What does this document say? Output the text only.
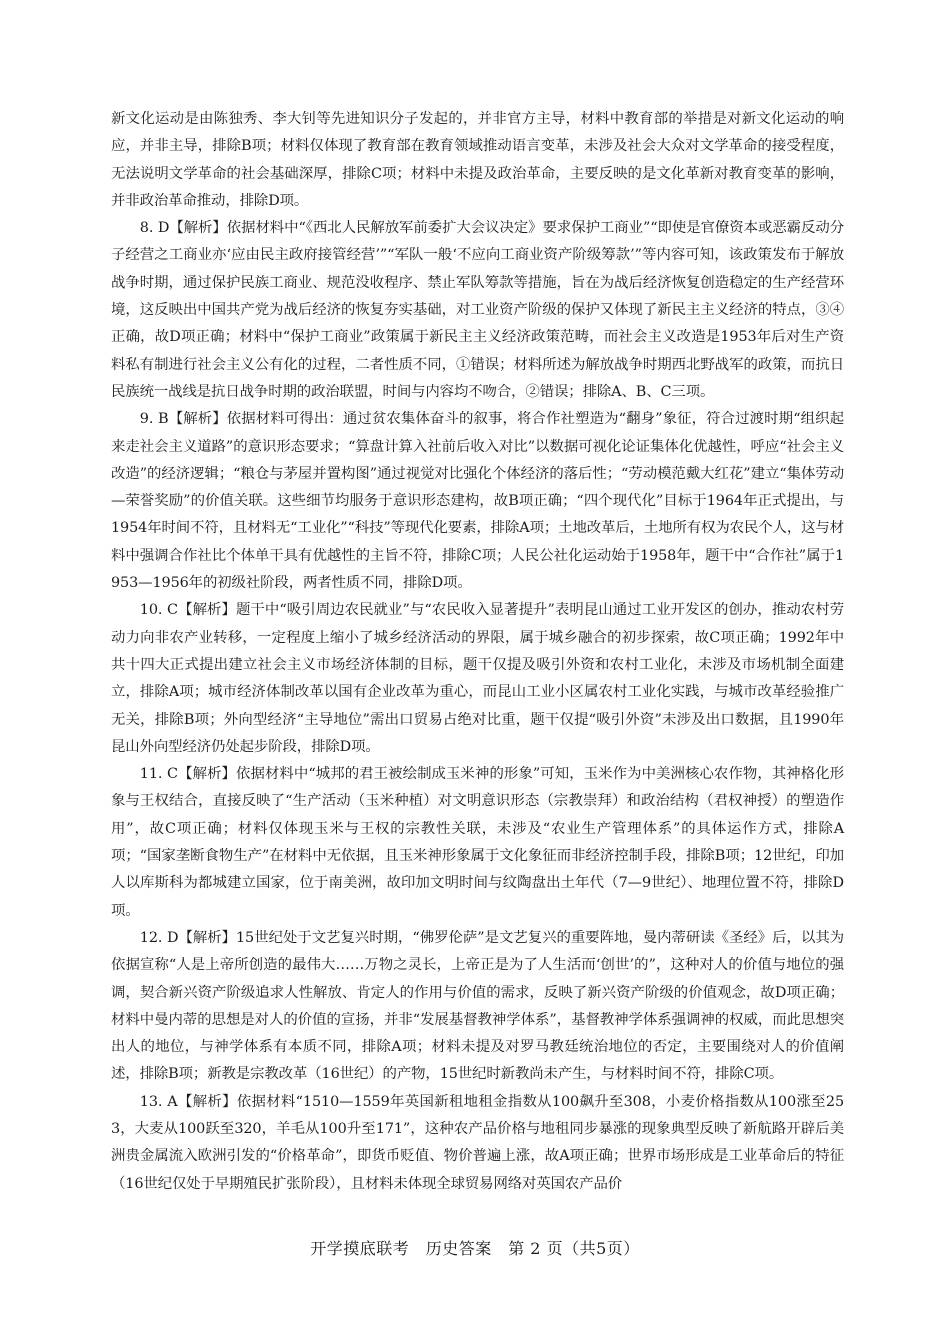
新文化运动是由陈独秀、李大钊等先进知识分子发起的，并非官方主导，材料中教育部的举措是对新文化运动的响应，并非主导，排除B项；材料仅体现了教育部在教育领域推动语言变革，未涉及社会大众对文学革命的接受程度，无法说明文学革命的社会基础深厚，排除C项；材料中未提及政治革命，主要反映的是文化革新对教育变革的影响，并非政治革命推动，排除D项。

8. D【解析】依据材料中“《西北人民解放军前委扩大会议决定》要求保护工商业”“即使是官僚资本或恶霸反动分子经营之工商业亦‘应由民主政府接管经营’”“军队一般‘不应向工商业资产阶级筹款’”等内容可知，该政策发布于解放战争时期，通过保护民族工商业、规范没收程序、禁止军队筹款等措施，旨在为战后经济恢复创造稳定的生产经营环境，这反映出中国共产党为战后经济的恢复夯实基础，对工业资产阶级的保护又体现了新民主主义经济的特点，③④正确，故D项正确；材料中“保护工商业”政策属于新民主主义经济政策范畴，而社会主义改造是1953年后对生产资料私有制进行社会主义公有化的过程，二者性质不同，①错误；材料所述为解放战争时期西北野战军的政策，而抗日民族统一战线是抗日战争时期的政治联盟，时间与内容均不吻合，②错误；排除A、B、C三项。

9. B【解析】依据材料可得出：通过贫农集体奋斗的叙事，将合作社塑造为“翻身”象征，符合过渡时期“组织起来走社会主义道路”的意识形态要求；“算盘计算入社前后收入对比”以数据可视化论证集体化优越性，呼应“社会主义改造”的经济逻辑；“粮仓与茅屋并置构图”通过视觉对比强化个体经济的落后性；“劳动模范戴大红花”建立“集体劳动—荣誉奖励”的价值关联。这些细节均服务于意识形态建构，故B项正确；“四个现代化”目标于1964年正式提出，与1954年时间不符，且材料无“工业化”“科技”等现代化要素，排除A项；土地改革后，土地所有权为农民个人，这与材料中强调合作社比个体单干具有优越性的主旨不符，排除C项；人民公社化运动始于1958年，题干中“合作社”属于1953—1956年的初级社阶段，两者性质不同，排除D项。

10. C【解析】题干中“吸引周边农民就业”与“农民收入显著提升”表明昆山通过工业开发区的创办，推动农村劳动力向非农产业转移，一定程度上缩小了城乡经济活动的界限，属于城乡融合的初步探索，故C项正确；1992年中共十四大正式提出建立社会主义市场经济体制的目标，题干仅提及吸引外资和农村工业化，未涉及市场机制全面建立，排除A项；城市经济体制改革以国有企业改革为重心，而昆山工业小区属农村工业化实践，与城市改革经验推广无关，排除B项；外向型经济“主导地位”需出口贸易占绝对比重，题干仅提“吸引外资”未涉及出口数据，且1990年昆山外向型经济仍处起步阶段，排除D项。

11. C【解析】依据材料中“城邦的君王被绘制成玉米神的形象”可知，玉米作为中美洲核心农作物，其神格化形象与王权结合，直接反映了“生产活动（玉米种植）对文明意识形态（宗教崇拜）和政治结构（君权神授）的塑造作用”，故C项正确；材料仅体现玉米与王权的宗教性关联，未涉及“农业生产管理体系”的具体运作方式，排除A项；“国家垄断食物生产”在材料中无依据，且玉米神形象属于文化象征而非经济控制手段，排除B项；12世纪，印加人以库斯科为都城建立国家，位于南美洲，故印加文明时间与纹陶盘出土年代（7—9世纪）、地理位置不符，排除D项。

12. D【解析】15世纪处于文艺复兴时期，“佛罗伦萨”是文艺复兴的重要阵地，曼内蒂研读《圣经》后，以其为依据宣称“人是上帝所创造的最伟大……万物之灵长，上帝正是为了人生活而‘创世’的”，这种对人的价值与地位的强调，契合新兴资产阶级追求人性解放、肯定人的作用与价值的需求，反映了新兴资产阶级的价值观念，故D项正确；材料中曼内蒂的思想是对人的价值的宣扬，并非“发展基督教神学体系”，基督教神学体系强调神的权威，而此思想突出人的地位，与神学体系有本质不同，排除A项；材料未提及对罗马教廷统治地位的否定，主要围绕对人的价值阐述，排除B项；新教是宗教改革（16世纪）的产物，15世纪时新教尚未产生，与材料时间不符，排除C项。

13. A【解析】依据材料“1510—1559年英国新租地租金指数从100飙升至308，小麦价格指数从100涨至253，大麦从100跃至320，羊毛从100升至171”，这种农产品价格与地租同步暴涨的现象典型反映了新航路开辟后美洲贵金属流入欧洲引发的“价格革命”，即货币贬值、物价普遍上涨，故A项正确；世界市场形成是工业革命后的特征（16世纪仅处于早期殖民扩张阶段），且材料未体现全球贸易网络对英国农产品价

开学摸底联考　历史答案　第 2 页（共5页）
